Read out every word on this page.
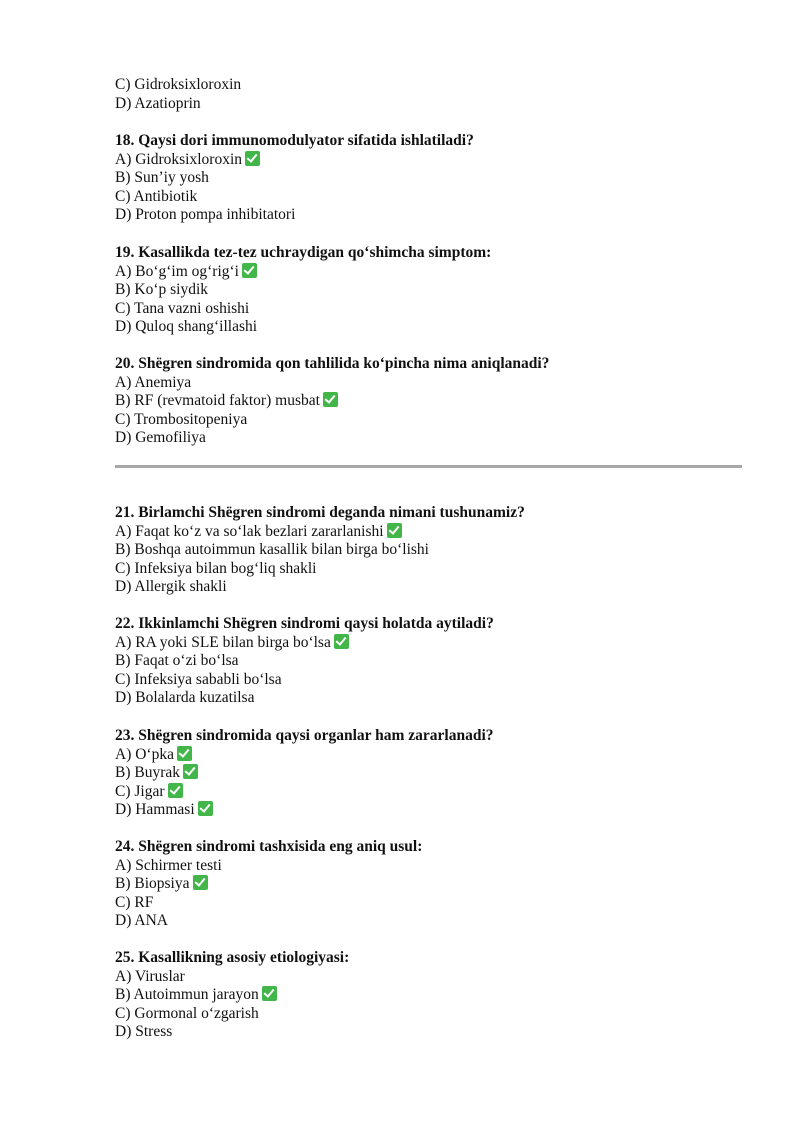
C) Gidroksixloroxin
D) Azatioprin
18. Qaysi dori immunomodulyator sifatida ishlatiladi?
A) Gidroksixloroxin
B) Sun’iy yosh
C) Antibiotik
D) Proton pompa inhibitatori
19. Kasallikda tez-tez uchraydigan qo‘shimcha simptom:
A) Bo‘g‘im og‘rig‘i
B) Ko‘p siydik
C) Tana vazni oshishi
D) Quloq shang‘illashi
20. Shëgren sindromida qon tahlilida ko‘pincha nima aniqlanadi?
A) Anemiya
B) RF (revmatoid faktor) musbat
C) Trombositopeniya
D) Gemofiliya
21. Birlamchi Shëgren sindromi deganda nimani tushunamiz?
A) Faqat ko‘z va so‘lak bezlari zararlanishi
B) Boshqa autoimmun kasallik bilan birga bo‘lishi
C) Infeksiya bilan bog‘liq shakli
D) Allergik shakli
22. Ikkinlamchi Shëgren sindromi qaysi holatda aytiladi?
A) RA yoki SLE bilan birga bo‘lsa
B) Faqat o‘zi bo‘lsa
C) Infeksiya sababli bo‘lsa
D) Bolalarda kuzatilsa
23. Shëgren sindromida qaysi organlar ham zararlanadi?
A) O‘pka
B) Buyrak
C) Jigar
D) Hammasi
24. Shëgren sindromi tashxisida eng aniq usul:
A) Schirmer testi
B) Biopsiya
C) RF
D) ANA
25. Kasallikning asosiy etiologiyasi:
A) Viruslar
B) Autoimmun jarayon
C) Gormonal o‘zgarish
D) Stress
